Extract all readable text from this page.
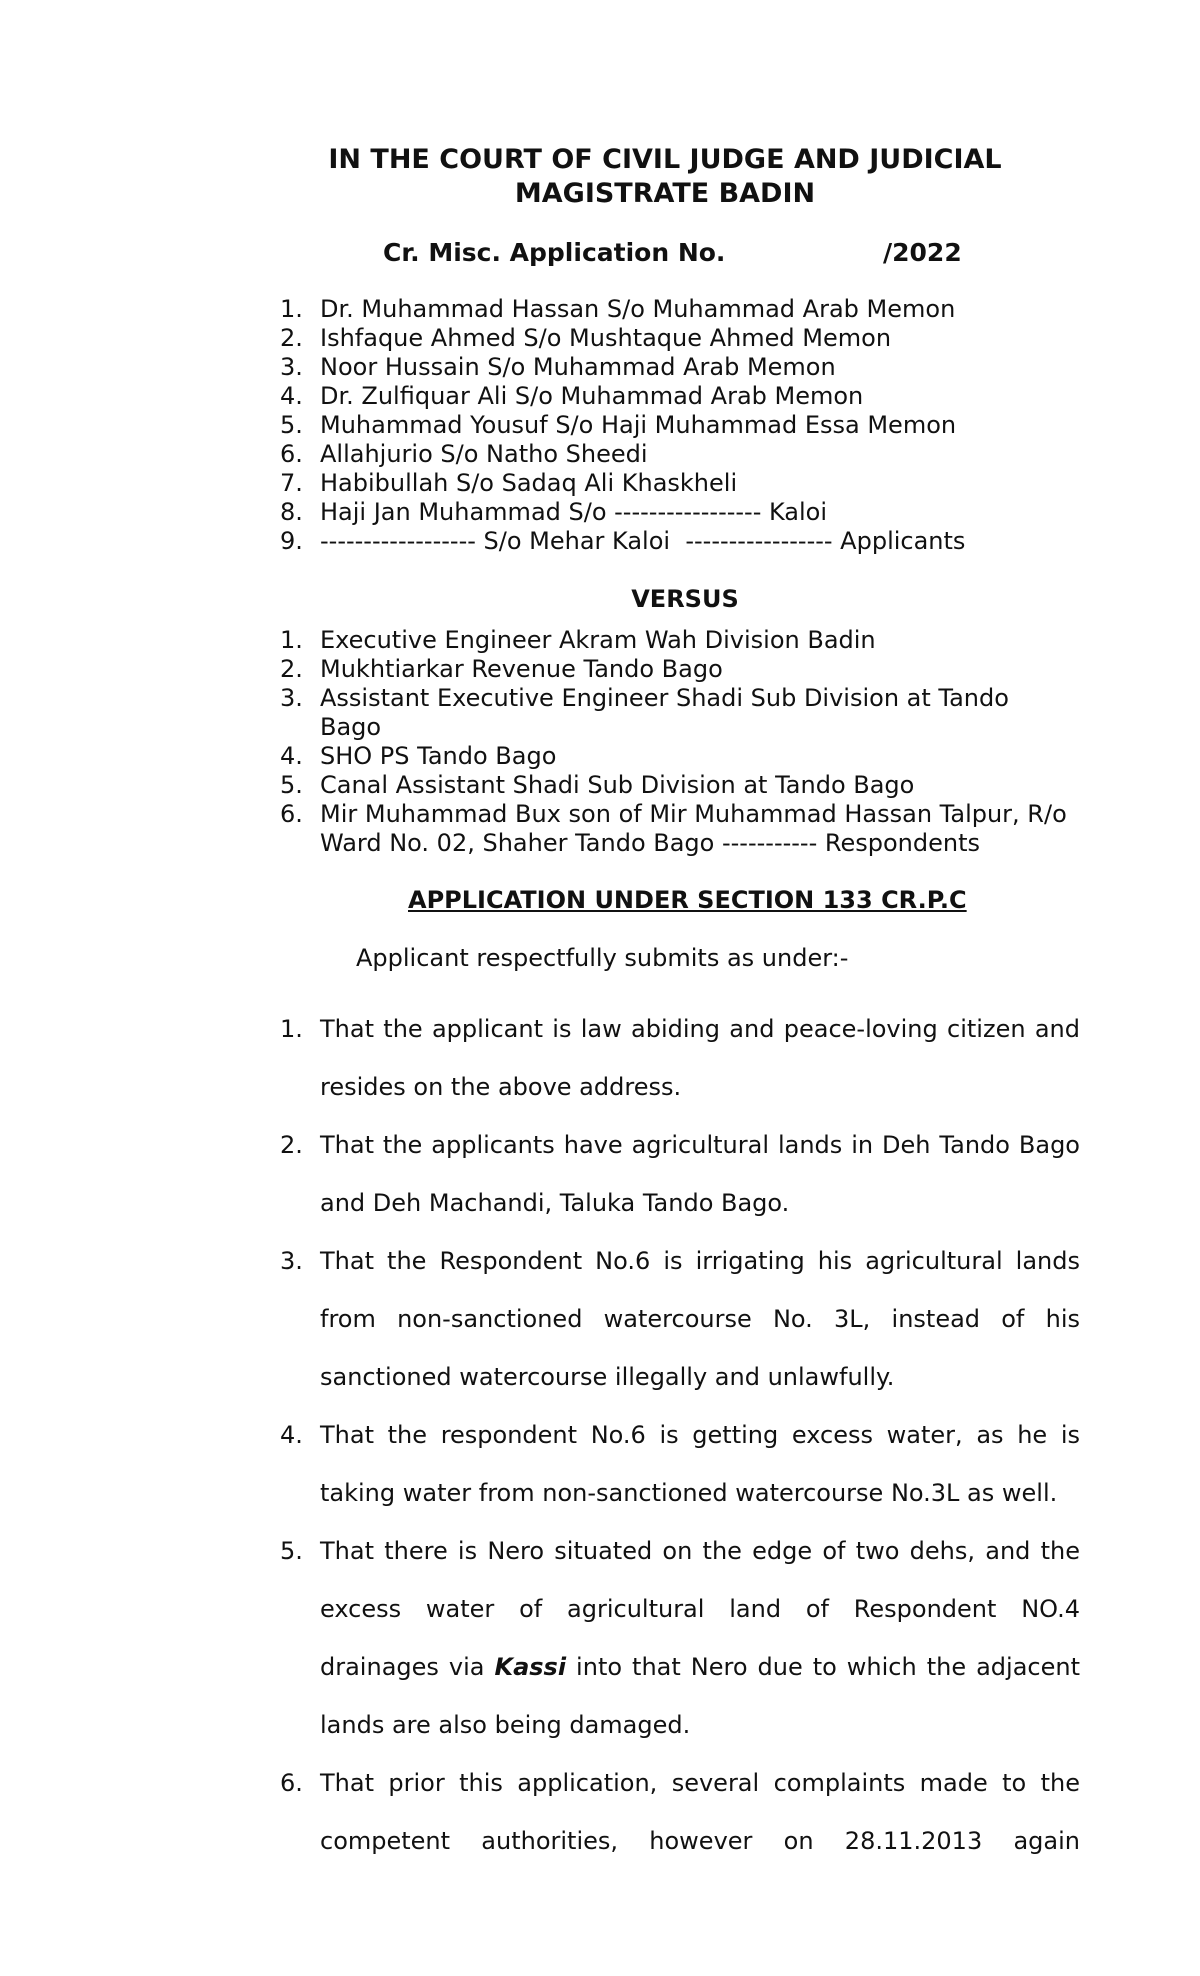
IN THE COURT OF CIVIL JUDGE AND JUDICIAL
MAGISTRATE BADIN
Cr. Misc. Application No.	/2022
1. Dr. Muhammad Hassan S/o Muhammad Arab Memon
2. Ishfaque Ahmed S/o Mushtaque Ahmed Memon
3. Noor Hussain S/o Muhammad Arab Memon
4. Dr. Zulfiquar Ali S/o Muhammad Arab Memon
5. Muhammad Yousuf S/o Haji Muhammad Essa Memon
6. Allahjurio S/o Natho Sheedi
7. Habibullah S/o Sadaq Ali Khaskheli
8. Haji Jan Muhammad S/o ----------------- Kaloi
9. ------------------ S/o Mehar Kaloi  ----------------- Applicants
VERSUS
1. Executive Engineer Akram Wah Division Badin
2. Mukhtiarkar Revenue Tando Bago
3. Assistant Executive Engineer Shadi Sub Division at Tando Bago
4. SHO PS Tando Bago
5. Canal Assistant Shadi Sub Division at Tando Bago
6. Mir Muhammad Bux son of Mir Muhammad Hassan Talpur, R/o Ward No. 02, Shaher Tando Bago ----------- Respondents
APPLICATION UNDER SECTION 133 CR.P.C
Applicant respectfully submits as under:-
1. That the applicant is law abiding and peace-loving citizen and resides on the above address.
2. That the applicants have agricultural lands in Deh Tando Bago and Deh Machandi, Taluka Tando Bago.
3. That the Respondent No.6 is irrigating his agricultural lands from non-sanctioned watercourse No. 3L, instead of his sanctioned watercourse illegally and unlawfully.
4. That the respondent No.6 is getting excess water, as he is taking water from non-sanctioned watercourse No.3L as well.
5. That there is Nero situated on the edge of two dehs, and the excess water of agricultural land of Respondent NO.4 drainages via Kassi into that Nero due to which the adjacent lands are also being damaged.
6. That prior this application, several complaints made to the competent authorities, however on 28.11.2013 again
